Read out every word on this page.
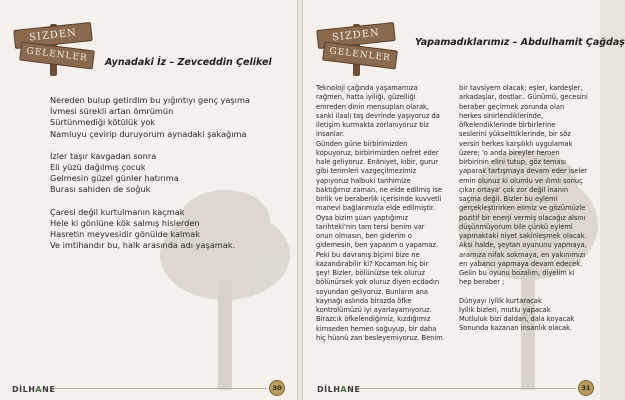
SIZDEN
GELENLER	Aynadaki İz – Zevceddin Çelikel
Nereden bulup getirdim bu yığıntıyı genç yaşıma
İvmesi sürekli artan ömrümün
Sürtünmediği kötülük yok
Namluyu çevirip duruyorum aynadaki şakağıma
İzler taşır kavgadan sonra
Eli yüzü dağılmış çocuk
Gelmesin güzel günler hatırıma
Burası sahiden de soğuk
Çaresi değil kurtulmanın kaçmak
Hele ki gönlüne kök salmış hislerden
Hasretin meyvesidir gönülde kalmak
Ve imtihandır bu, halk arasında adı yaşamak.
DİLHANE	30
SIZDEN
GELENLER
Yapamadıklarımız – Abdulhamit Çağdaş
Teknoloji çağında yaşamamıza
rağmen, hatta iyiliği, güzelliği
emreden dinin mensupları olarak,
sanki ilaalı taş devrinde yaşıyoruz da
iletişim kurmakta zorlanıyoruz biz
insanlar.
Günden güne birbirimizden
kopuyoruz, birbirimizden nefret eder
hale geliyoruz. Enâniyet, kibir, gurur
gibi terimleri vazgeçilmezimiz
yapıyoruz halbuki tarihimize
baktığımız zaman, ne elde edilmiş ise
birlik ve beraberlik içerisinde kuvvetli
manevi bağlarımızla elde edilmiştir.
Oysa bizim şuan yaptığımız
tarihteki'nin tam tersi benim var
onun olmasın, ben giderim o
gidemesin, ben yaparım o yapamaz.
Peki bu davranış biçimi bize ne
kazandırabilir ki? Kocaman hiç bir
şey! Bizler, bölünüzse tek oluruz
bölünürsek yok oluruz diyen ecdadın
soyundan geliyoruz. Bunların ana
kaynağı aslında birazda öfke
kontrolümüzü iyi ayarlayamıyoruz.
Birazcık öfkelendiğimiz, kızdığımız
kimseden hemen soğuyup, bir daha
hiç hüsnü zan besleyemiyoruz. Benim
bir tavsiyem olacak; eşler, kardeşler,
arkadaşlar, dostlar.. Günümü, gecesini
beraber geçirmek zorunda olan
herkes sinirlendiklerinde,
öfkelendiklerinde birbirlerine
seslerini yükselttiklerinde, bir söz
versin herkes karşılıklı uygulamak
üzere; 'o anda bireyler hemen
birbirinin elini tutup, göz teması
yaparak tartışmaya devam eder iseler
emin olunuz ki olumlu ve ılımlı sonuç
çıkar ortaya' çok zor değil inanın
saçma değil. Bizler bu eylemi
gerçekleştirirken elimiz ve gözümüzle
pozitif bir enerji vermiş olacağız alsını
düşünmüyorum bile çünkü eylemi
yapmaktaki niyet sakinleşmek olacak.
Aksi halde, şeytan oyununu yapmaya,
aramıza nifak sokmaya, en yakınımızı
en yabancı yapmaya devam edecek.
Gelin bu oyunu bozalım, diyelim ki
hep beraber ;
Dünyayı iyilik kurtaracak
İyilik bizleri, mutlu yapacak
Mutluluk bizi daldan, dala koyacak
Sonunda kazanan insanlık olacak.
DİLHANE	31
